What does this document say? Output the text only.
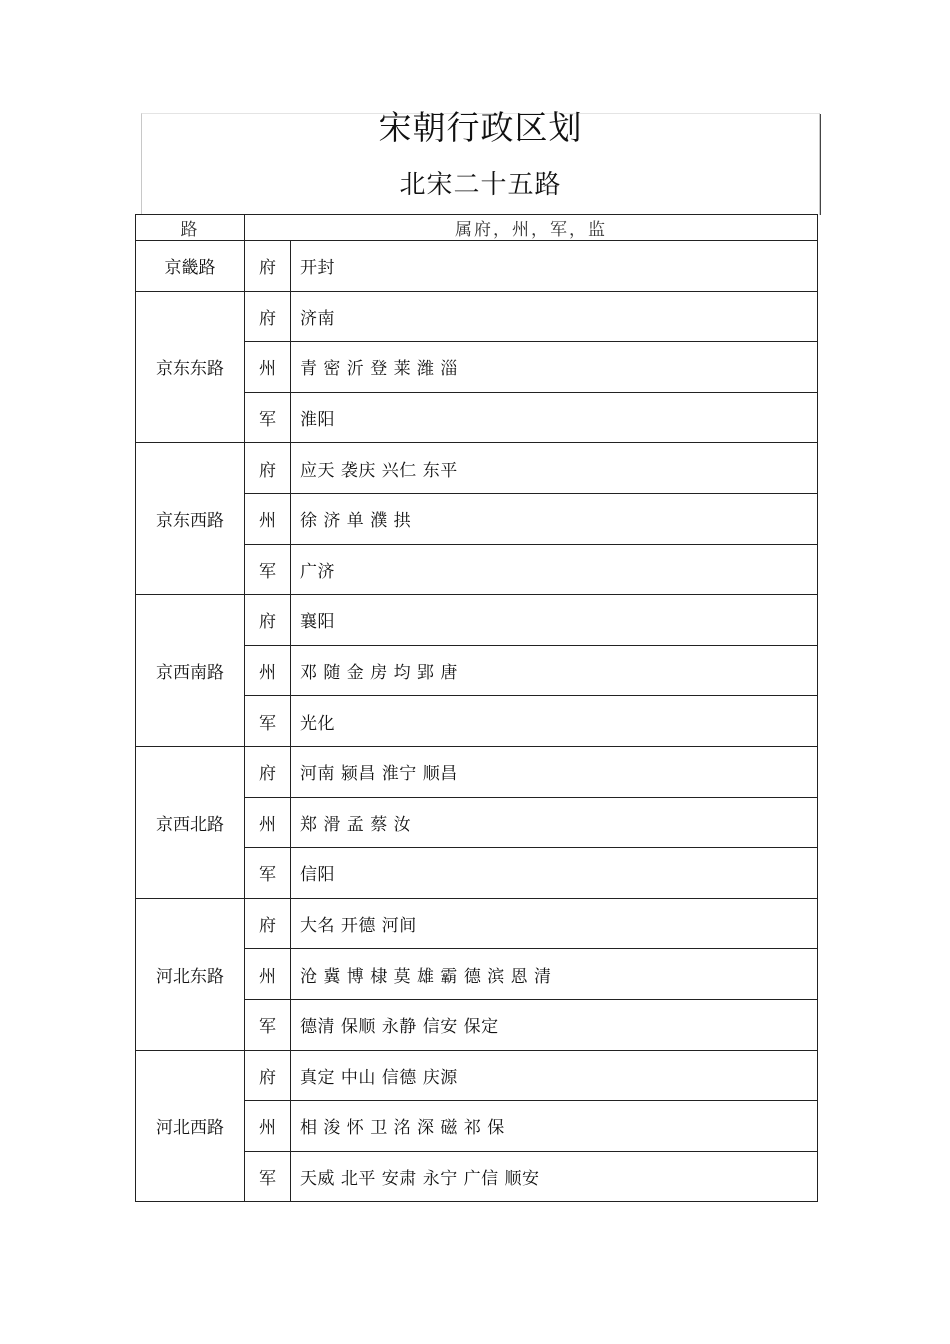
宋朝行政区划
北宋二十五路
路	属府，州，军，监	
京畿路	府	开封
京东东路	府	济南
	州	青 密 沂 登 莱 潍 淄
	军	淮阳
京东西路	府	应天 袭庆 兴仁 东平
	州	徐 济 单 濮 拱
	军	广济
京西南路	府	襄阳
	州	邓 随 金 房 均 郢 唐
	军	光化
京西北路	府	河南 颍昌 淮宁 顺昌
	州	郑 滑 孟 蔡 汝
	军	信阳
河北东路	府	大名 开德 河间
	州	沧 冀 博 棣 莫 雄 霸 德 滨 恩 清
	军	德清 保顺 永静 信安 保定
河北西路	府	真定 中山 信德 庆源
	州	相 浚 怀 卫 洺 深 磁 祁 保
	军	天威 北平 安肃 永宁 广信 顺安
